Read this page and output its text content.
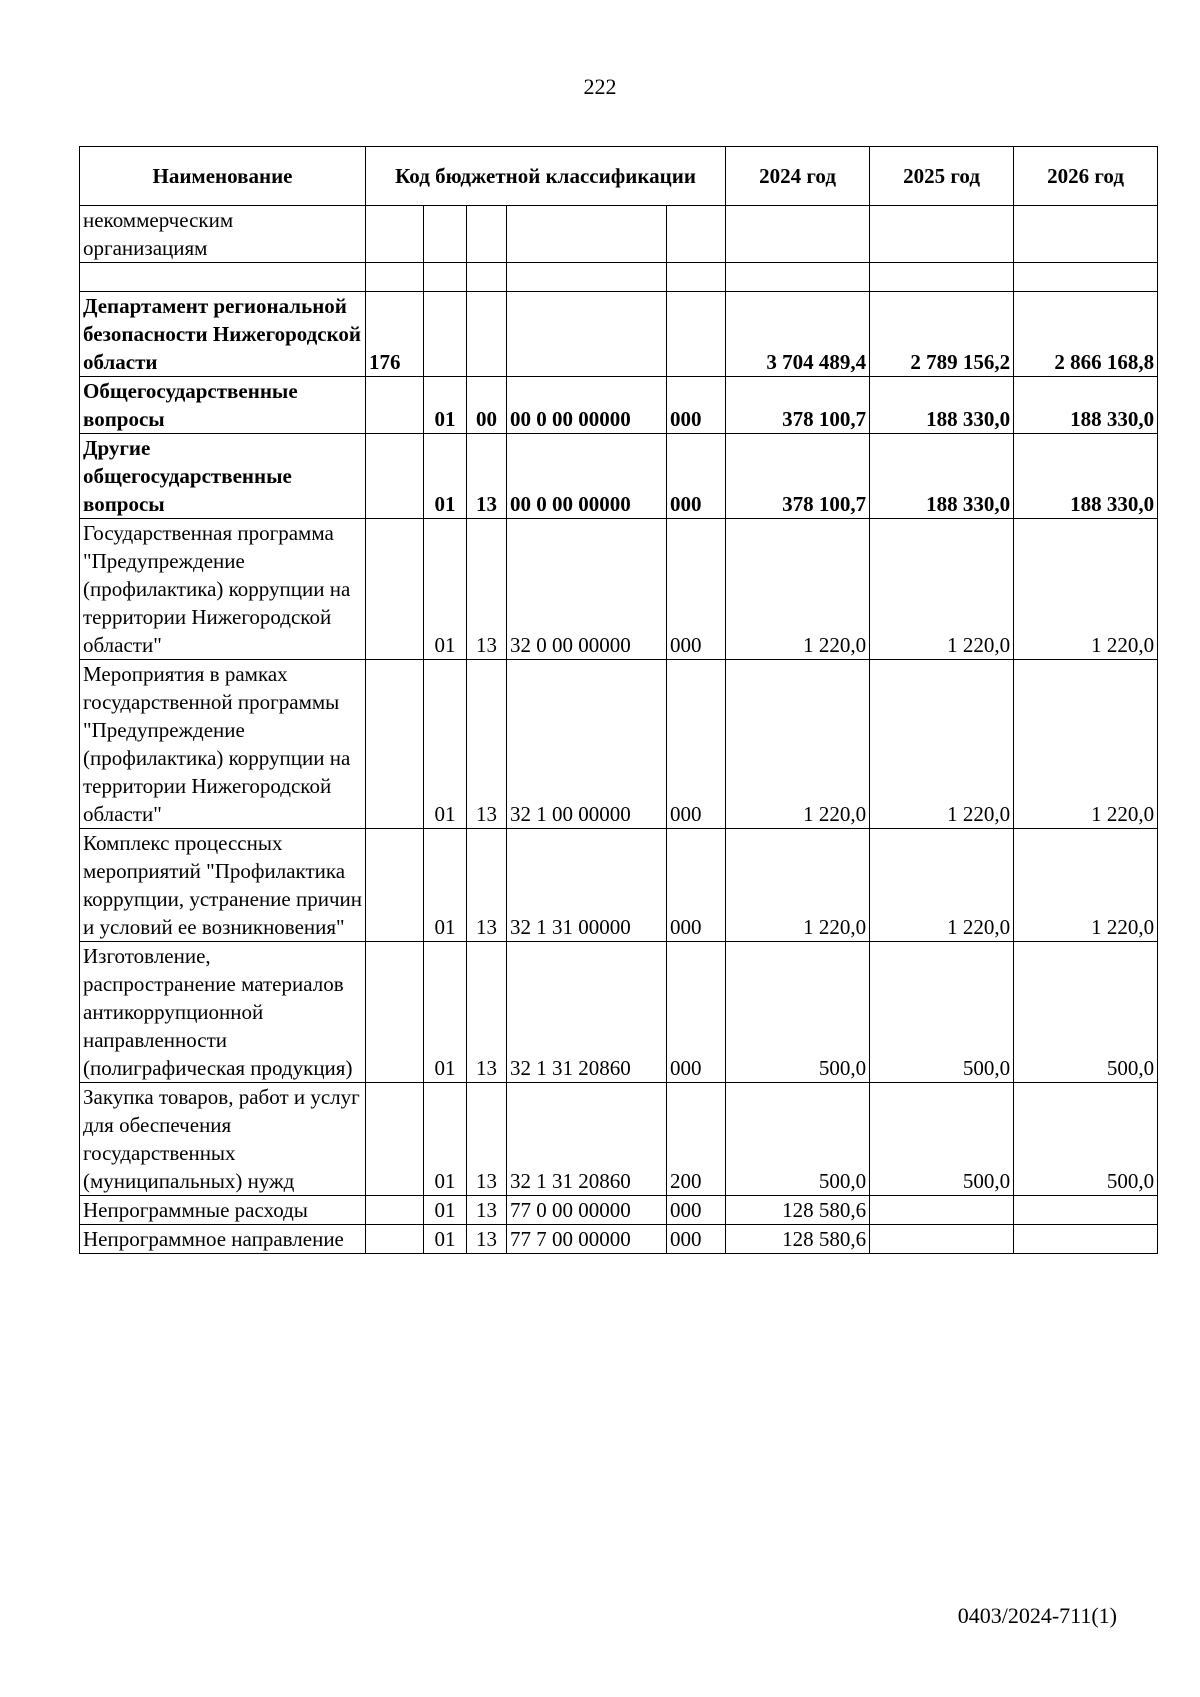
222
Наименование	Код бюджетной классификации					2024 год	2025 год	2026 год
некоммерческим организациям								

Департамент региональной безопасности Нижегородской области	176					3 704 489,4	2 789 156,2	2 866 168,8
Общегосударственные вопросы		01	00	00 0 00 00000	000	378 100,7	188 330,0	188 330,0
Другие общегосударственные вопросы		01	13	00 0 00 00000	000	378 100,7	188 330,0	188 330,0
Государственная программа "Предупреждение (профилактика) коррупции на территории Нижегородской области"		01	13	32 0 00 00000	000	1 220,0	1 220,0	1 220,0
Мероприятия в рамках государственной программы "Предупреждение (профилактика) коррупции на территории Нижегородской области"		01	13	32 1 00 00000	000	1 220,0	1 220,0	1 220,0
Комплекс процессных мероприятий "Профилактика коррупции, устранение причин и условий ее возникновения"		01	13	32 1 31 00000	000	1 220,0	1 220,0	1 220,0
Изготовление, распространение материалов антикоррупционной направленности (полиграфическая продукция)		01	13	32 1 31 20860	000	500,0	500,0	500,0
Закупка товаров, работ и услуг для обеспечения государственных (муниципальных) нужд		01	13	32 1 31 20860	200	500,0	500,0	500,0
Непрограммные расходы		01	13	77 0 00 00000	000	128 580,6		
Непрограммное направление		01	13	77 7 00 00000	000	128 580,6		
0403/2024-711(1)
